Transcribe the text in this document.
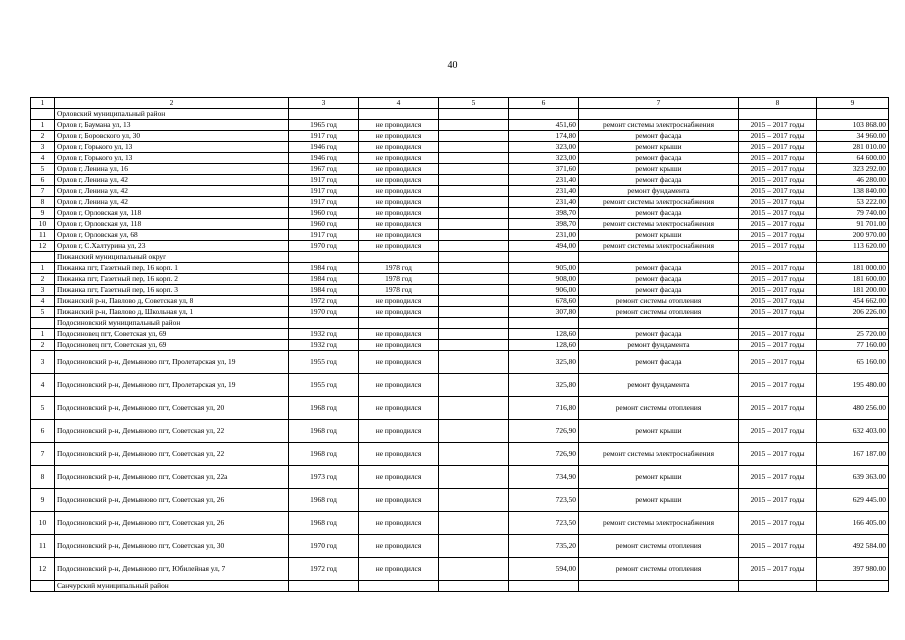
40
1	2	3	4	5	6	7	8	9
	Орловский муниципальный район							
1	Орлов г, Баумана ул, 13	1965 год	не проводился		451,60	ремонт системы электроснабжения	2015 – 2017 годы	103 868.00
2	Орлов г, Боровского ул, 30	1917 год	не проводился		174,80	ремонт фасада	2015 – 2017 годы	34 960.00
3	Орлов г, Горького ул, 13	1946 год	не проводился		323,00	ремонт крыши	2015 – 2017 годы	281 010.00
4	Орлов г, Горького ул, 13	1946 год	не проводился		323,00	ремонт фасада	2015 – 2017 годы	64 600.00
5	Орлов г, Ленина ул, 16	1967 год	не проводился		371,60	ремонт крыши	2015 – 2017 годы	323 292.00
6	Орлов г, Ленина ул, 42	1917 год	не проводился		231,40	ремонт фасада	2015 – 2017 годы	46 280.00
7	Орлов г, Ленина ул, 42	1917 год	не проводился		231,40	ремонт фундамента	2015 – 2017 годы	138 840.00
8	Орлов г, Ленина ул, 42	1917 год	не проводился		231,40	ремонт системы электроснабжения	2015 – 2017 годы	53 222.00
9	Орлов г, Орловская ул, 118	1960 год	не проводился		398,70	ремонт фасада	2015 – 2017 годы	79 740.00
10	Орлов г, Орловская ул, 118	1960 год	не проводился		398,70	ремонт системы электроснабжения	2015 – 2017 годы	91 701.00
11	Орлов г, Орловская ул, 68	1917 год	не проводился		231,00	ремонт крыши	2015 – 2017 годы	200 970.00
12	Орлов г, С.Халтурина ул, 23	1970 год	не проводился		494,00	ремонт системы электроснабжения	2015 – 2017 годы	113 620.00
	Пижанский муниципальный округ							
1	Пижанка пгт, Газетный пер, 16 корп. 1	1984 год	1978 год		905,00	ремонт фасада	2015 – 2017 годы	181 000.00
2	Пижанка пгт, Газетный пер, 16 корп. 2	1984 год	1978 год		908,00	ремонт фасада	2015 – 2017 годы	181 600.00
3	Пижанка пгт, Газетный пер, 16 корп. 3	1984 год	1978 год		906,00	ремонт фасада	2015 – 2017 годы	181 200.00
4	Пижанский р-н, Павлово д, Советская ул, 8	1972 год	не проводился		678,60	ремонт системы отопления	2015 – 2017 годы	454 662.00
5	Пижанский р-н, Павлово д, Школьная ул, 1	1970 год	не проводился		307,80	ремонт системы отопления	2015 – 2017 годы	206 226.00
	Подосиновский муниципальный район							
1	Подосиновец пгт, Советская ул, 69	1932 год	не проводился		128,60	ремонт фасада	2015 – 2017 годы	25 720.00
2	Подосиновец пгт, Советская ул, 69	1932 год	не проводился		128,60	ремонт фундамента	2015 – 2017 годы	77 160.00
3	Подосиновский р-н, Демьяново пгт, Пролетарская ул, 19	1955 год	не проводился		325,80	ремонт фасада	2015 – 2017 годы	65 160.00
4	Подосиновский р-н, Демьяново пгт, Пролетарская ул, 19	1955 год	не проводился		325,80	ремонт фундамента	2015 – 2017 годы	195 480.00
5	Подосиновский р-н, Демьяново пгт, Советская ул, 20	1968 год	не проводился		716,80	ремонт системы отопления	2015 – 2017 годы	480 256.00
6	Подосиновский р-н, Демьяново пгт, Советская ул, 22	1968 год	не проводился		726,90	ремонт крыши	2015 – 2017 годы	632 403.00
7	Подосиновский р-н, Демьяново пгт, Советская ул, 22	1968 год	не проводился		726,90	ремонт системы электроснабжения	2015 – 2017 годы	167 187.00
8	Подосиновский р-н, Демьяново пгт, Советская ул, 22а	1973 год	не проводился		734,90	ремонт крыши	2015 – 2017 годы	639 363.00
9	Подосиновский р-н, Демьяново пгт, Советская ул, 26	1968 год	не проводился		723,50	ремонт крыши	2015 – 2017 годы	629 445.00
10	Подосиновский р-н, Демьяново пгт, Советская ул, 26	1968 год	не проводился		723,50	ремонт системы электроснабжения	2015 – 2017 годы	166 405.00
11	Подосиновский р-н, Демьяново пгт, Советская ул, 30	1970 год	не проводился		735,20	ремонт системы отопления	2015 – 2017 годы	492 584.00
12	Подосиновский р-н, Демьяново пгт, Юбилейная ул, 7	1972 год	не проводился		594,00	ремонт системы отопления	2015 – 2017 годы	397 980.00
	Санчурский муниципальный район							
